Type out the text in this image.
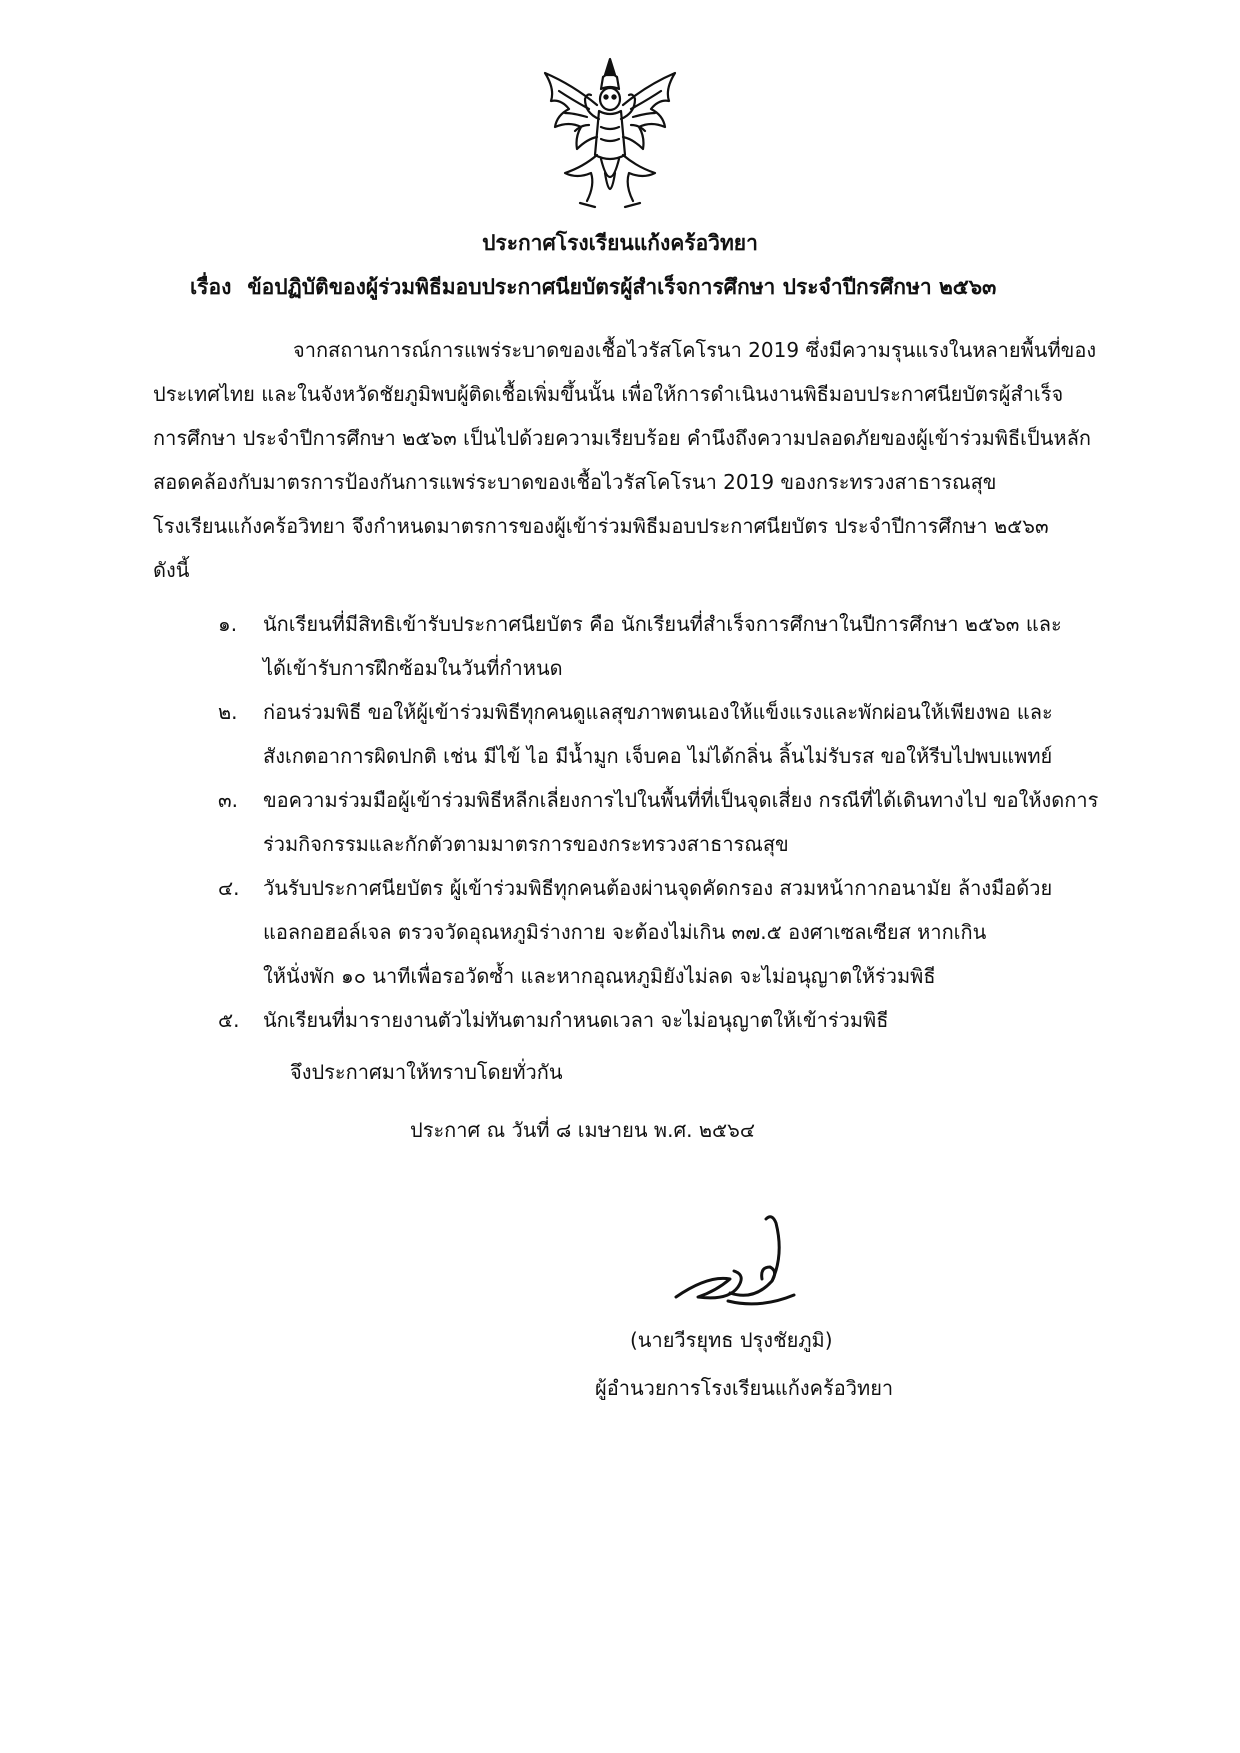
ประกาศโรงเรียนแก้งคร้อวิทยา
เรื่อง ข้อปฏิบัติของผู้ร่วมพิธีมอบประกาศนียบัตรผู้สำเร็จการศึกษา ประจำปีกรศึกษา ๒๕๖๓
จากสถานการณ์การแพร่ระบาดของเชื้อไวรัสโคโรนา 2019 ซึ่งมีความรุนแรงในหลายพื้นที่ของ
ประเทศไทย และในจังหวัดชัยภูมิพบผู้ติดเชื้อเพิ่มขึ้นนั้น เพื่อให้การดำเนินงานพิธีมอบประกาศนียบัตรผู้สำเร็จ
การศึกษา ประจำปีการศึกษา ๒๕๖๓ เป็นไปด้วยความเรียบร้อย คำนึงถึงความปลอดภัยของผู้เข้าร่วมพิธีเป็นหลัก
สอดคล้องกับมาตรการป้องกันการแพร่ระบาดของเชื้อไวรัสโคโรนา 2019 ของกระทรวงสาธารณสุข
โรงเรียนแก้งคร้อวิทยา จึงกำหนดมาตรการของผู้เข้าร่วมพิธีมอบประกาศนียบัตร ประจำปีการศึกษา ๒๕๖๓
ดังนี้
๑. นักเรียนที่มีสิทธิเข้ารับประกาศนียบัตร คือ นักเรียนที่สำเร็จการศึกษาในปีการศึกษา ๒๕๖๓ และ
ได้เข้ารับการฝึกซ้อมในวันที่กำหนด
๒. ก่อนร่วมพิธี ขอให้ผู้เข้าร่วมพิธีทุกคนดูแลสุขภาพตนเองให้แข็งแรงและพักผ่อนให้เพียงพอ และ
สังเกตอาการผิดปกติ เช่น มีไข้ ไอ มีน้ำมูก เจ็บคอ ไม่ได้กลิ่น ลิ้นไม่รับรส ขอให้รีบไปพบแพทย์
๓. ขอความร่วมมือผู้เข้าร่วมพิธีหลีกเลี่ยงการไปในพื้นที่ที่เป็นจุดเสี่ยง กรณีที่ได้เดินทางไป ขอให้งดการ
ร่วมกิจกรรมและกักตัวตามมาตรการของกระทรวงสาธารณสุข
๔. วันรับประกาศนียบัตร ผู้เข้าร่วมพิธีทุกคนต้องผ่านจุดคัดกรอง สวมหน้ากากอนามัย ล้างมือด้วย
แอลกอฮอล์เจล ตรวจวัดอุณหภูมิร่างกาย จะต้องไม่เกิน ๓๗.๕ องศาเซลเซียส หากเกิน
ให้นั่งพัก ๑๐ นาทีเพื่อรอวัดซ้ำ และหากอุณหภูมิยังไม่ลด จะไม่อนุญาตให้ร่วมพิธี
๕. นักเรียนที่มารายงานตัวไม่ทันตามกำหนดเวลา จะไม่อนุญาตให้เข้าร่วมพิธี
จึงประกาศมาให้ทราบโดยทั่วกัน
ประกาศ ณ วันที่ ๘ เมษายน พ.ศ. ๒๕๖๔
(นายวีรยุทธ ปรุงชัยภูมิ)
ผู้อำนวยการโรงเรียนแก้งคร้อวิทยา
